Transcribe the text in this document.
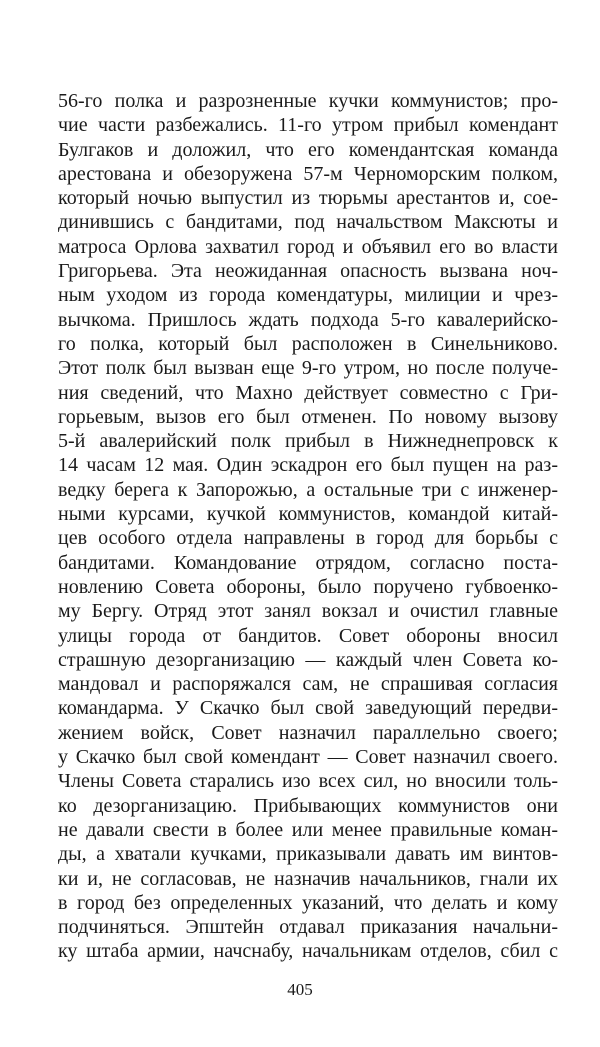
56-го полка и разрозненные кучки коммунистов; про-
чие части разбежались. 11-го утром прибыл комендант
Булгаков и доложил, что его комендантская команда
арестована и обезоружена 57-м Черноморским полком,
который ночью выпустил из тюрьмы арестантов и, сое-
динившись с бандитами, под начальством Максюты и
матроса Орлова захватил город и объявил его во власти
Григорьева. Эта неожиданная опасность вызвана ноч-
ным уходом из города комендатуры, милиции и чрез-
вычкома. Пришлось ждать подхода 5-го кавалерийско-
го полка, который был расположен в Синельниково.
Этот полк был вызван еще 9-го утром, но после получе-
ния сведений, что Махно действует совместно с Гри-
горьевым, вызов его был отменен. По новому вызову
5-й авалерийский полк прибыл в Нижнеднепровск к
14 часам 12 мая. Один эскадрон его был пущен на раз-
ведку берега к Запорожью, а остальные три с инженер-
ными курсами, кучкой коммунистов, командой китай-
цев особого отдела направлены в город для борьбы с
бандитами. Командование отрядом, согласно поста-
новлению Совета обороны, было поручено губвоенко-
му Бергу. Отряд этот занял вокзал и очистил главные
улицы города от бандитов. Совет обороны вносил
страшную дезорганизацию — каждый член Совета ко-
мандовал и распоряжался сам, не спрашивая согласия
командарма. У Скачко был свой заведующий передви-
жением войск, Совет назначил параллельно своего;
у Скачко был свой комендант — Совет назначил своего.
Члены Совета старались изо всех сил, но вносили толь-
ко дезорганизацию. Прибывающих коммунистов они
не давали свести в более или менее правильные коман-
ды, а хватали кучками, приказывали давать им винтов-
ки и, не согласовав, не назначив начальников, гнали их
в город без определенных указаний, что делать и кому
подчиняться. Эпштейн отдавал приказания начальни-
ку штаба армии, начснабу, начальникам отделов, сбил с
405
